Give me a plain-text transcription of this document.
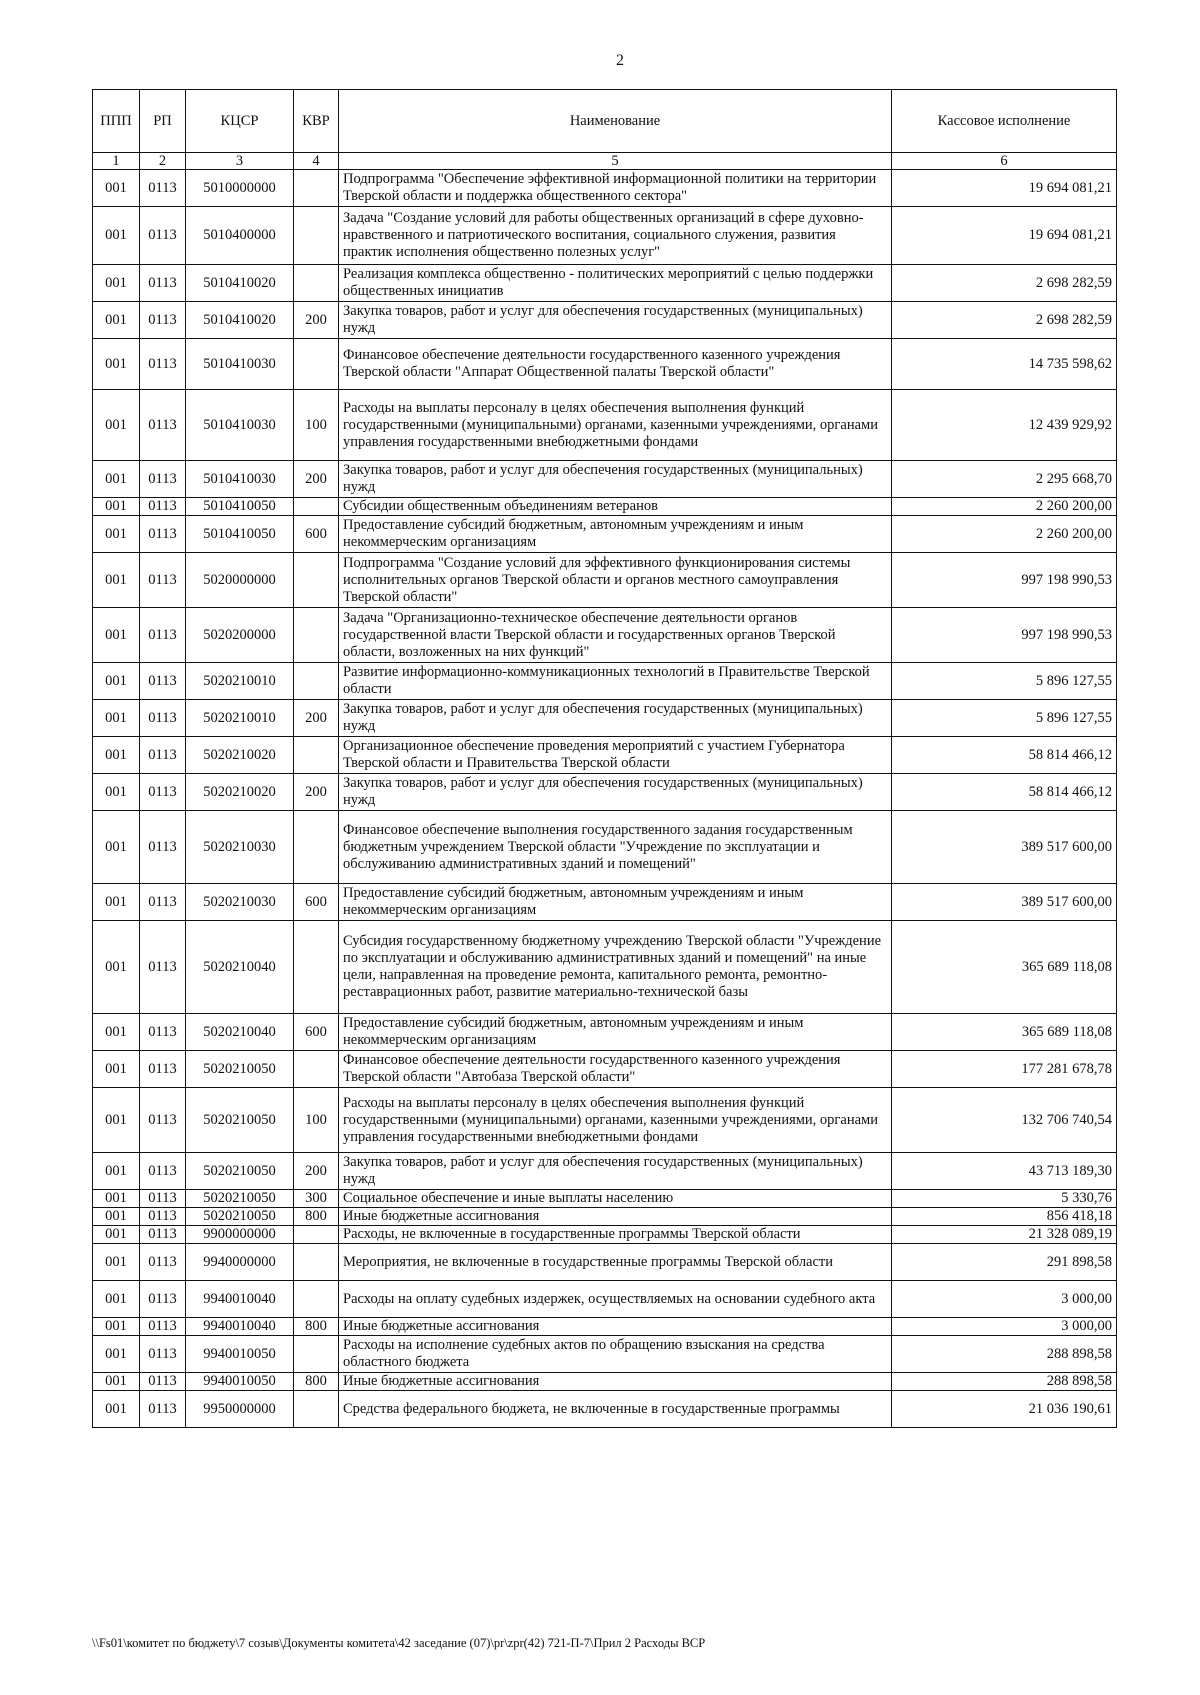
2
ППП	РП	КЦСР	КВР	Наименование	Кассовое исполнение
1	2	3	4	5	6
001	0113	5010000000		Подпрограмма "Обеспечение эффективной информационной политики на территории Тверской области и поддержка общественного сектора"	19 694 081,21
001	0113	5010400000		Задача "Создание условий для работы общественных организаций в сфере духовно-нравственного и патриотического воспитания, социального служения, развития практик исполнения общественно полезных услуг"	19 694 081,21
001	0113	5010410020		Реализация комплекса общественно - политических мероприятий с целью поддержки общественных инициатив	2 698 282,59
001	0113	5010410020	200	Закупка товаров, работ и услуг для обеспечения государственных (муниципальных) нужд	2 698 282,59
001	0113	5010410030		Финансовое обеспечение деятельности государственного казенного учреждения Тверской области "Аппарат Общественной палаты Тверской области"	14 735 598,62
001	0113	5010410030	100	Расходы на выплаты персоналу в целях обеспечения выполнения функций государственными (муниципальными) органами, казенными учреждениями, органами управления государственными внебюджетными фондами	12 439 929,92
001	0113	5010410030	200	Закупка товаров, работ и услуг для обеспечения государственных (муниципальных) нужд	2 295 668,70
001	0113	5010410050		Субсидии общественным объединениям ветеранов	2 260 200,00
001	0113	5010410050	600	Предоставление субсидий бюджетным, автономным учреждениям и иным некоммерческим организациям	2 260 200,00
001	0113	5020000000		Подпрограмма "Создание условий для эффективного функционирования системы исполнительных органов Тверской области и органов местного самоуправления Тверской области"	997 198 990,53
001	0113	5020200000		Задача "Организационно-техническое обеспечение деятельности органов государственной власти Тверской области и государственных органов Тверской области, возложенных на них функций"	997 198 990,53
001	0113	5020210010		Развитие информационно-коммуникационных технологий в Правительстве Тверской области	5 896 127,55
001	0113	5020210010	200	Закупка товаров, работ и услуг для обеспечения государственных (муниципальных) нужд	5 896 127,55
001	0113	5020210020		Организационное обеспечение проведения мероприятий с участием Губернатора Тверской области и Правительства Тверской области	58 814 466,12
001	0113	5020210020	200	Закупка товаров, работ и услуг для обеспечения государственных (муниципальных) нужд	58 814 466,12
001	0113	5020210030		Финансовое обеспечение выполнения государственного задания государственным бюджетным учреждением Тверской области "Учреждение по эксплуатации и обслуживанию административных зданий и помещений"	389 517 600,00
001	0113	5020210030	600	Предоставление субсидий бюджетным, автономным учреждениям и иным некоммерческим организациям	389 517 600,00
001	0113	5020210040		Субсидия государственному бюджетному учреждению Тверской области "Учреждение по эксплуатации и обслуживанию административных зданий и помещений" на иные цели, направленная на проведение ремонта, капитального ремонта, ремонтно-реставрационных работ, развитие материально-технической базы	365 689 118,08
001	0113	5020210040	600	Предоставление субсидий бюджетным, автономным учреждениям и иным некоммерческим организациям	365 689 118,08
001	0113	5020210050		Финансовое обеспечение деятельности государственного казенного учреждения Тверской области "Автобаза Тверской области"	177 281 678,78
001	0113	5020210050	100	Расходы на выплаты персоналу в целях обеспечения выполнения функций государственными (муниципальными) органами, казенными учреждениями, органами управления государственными внебюджетными фондами	132 706 740,54
001	0113	5020210050	200	Закупка товаров, работ и услуг для обеспечения государственных (муниципальных) нужд	43 713 189,30
001	0113	5020210050	300	Социальное обеспечение и иные выплаты населению	5 330,76
001	0113	5020210050	800	Иные бюджетные ассигнования	856 418,18
001	0113	9900000000		Расходы, не включенные в государственные программы Тверской области	21 328 089,19
001	0113	9940000000		Мероприятия, не включенные в государственные программы Тверской области	291 898,58
001	0113	9940010040		Расходы на оплату судебных издержек, осуществляемых на основании судебного акта	3 000,00
001	0113	9940010040	800	Иные бюджетные ассигнования	3 000,00
001	0113	9940010050		Расходы на исполнение судебных актов по обращению взыскания на средства областного бюджета	288 898,58
001	0113	9940010050	800	Иные бюджетные ассигнования	288 898,58
001	0113	9950000000		Средства федерального бюджета, не включенные в государственные программы	21 036 190,61
\\Fs01\комитет по бюджету\7 созыв\Документы комитета\42 заседание (07)\pr\zpr(42) 721-П-7\Прил 2 Расходы ВСР
